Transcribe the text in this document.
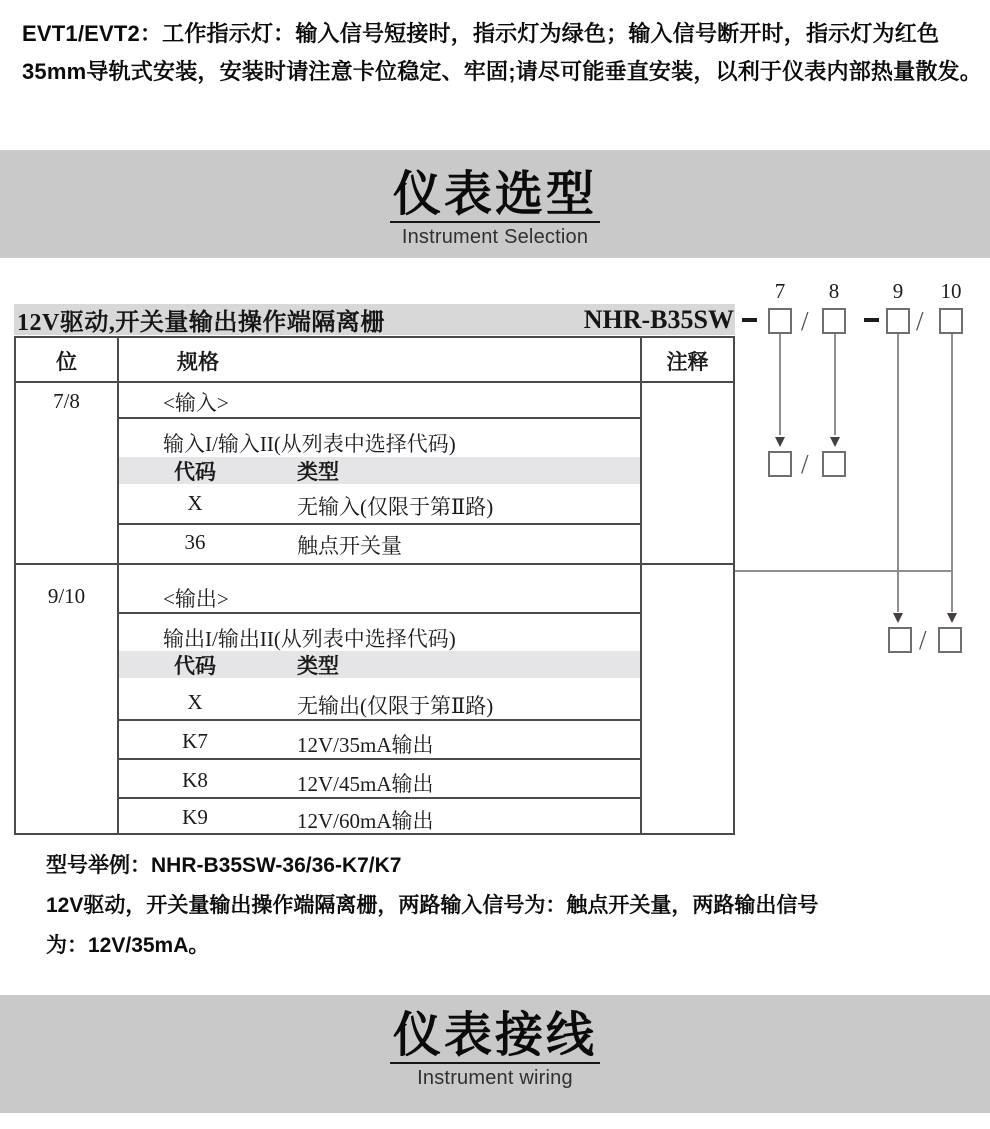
EVT1/EVT2：工作指示灯：输入信号短接时，指示灯为绿色；输入信号断开时，指示灯为红色
35mm导轨式安装，安装时请注意卡位稳定、牢固;请尽可能垂直安装，以利于仪表内部热量散发。
仪表选型
Instrument Selection
12V驱动,开关量输出操作端隔离栅	NHR-B35SW
7	8	9	10
/	/
/
/
位	规格	注释
7/8	<输入>
输入I/输入II(从列表中选择代码)
代码	类型
X	无输入(仅限于第Ⅱ路)
36	触点开关量
9/10	<输出>
输出I/输出II(从列表中选择代码)
代码	类型
X	无输出(仅限于第Ⅱ路)
K7	12V/35mA输出
K8	12V/45mA输出
K9	12V/60mA输出
型号举例：NHR-B35SW-36/36-K7/K7
12V驱动，开关量输出操作端隔离栅，两路输入信号为：触点开关量，两路输出信号
为：12V/35mA。
仪表接线
Instrument wiring
